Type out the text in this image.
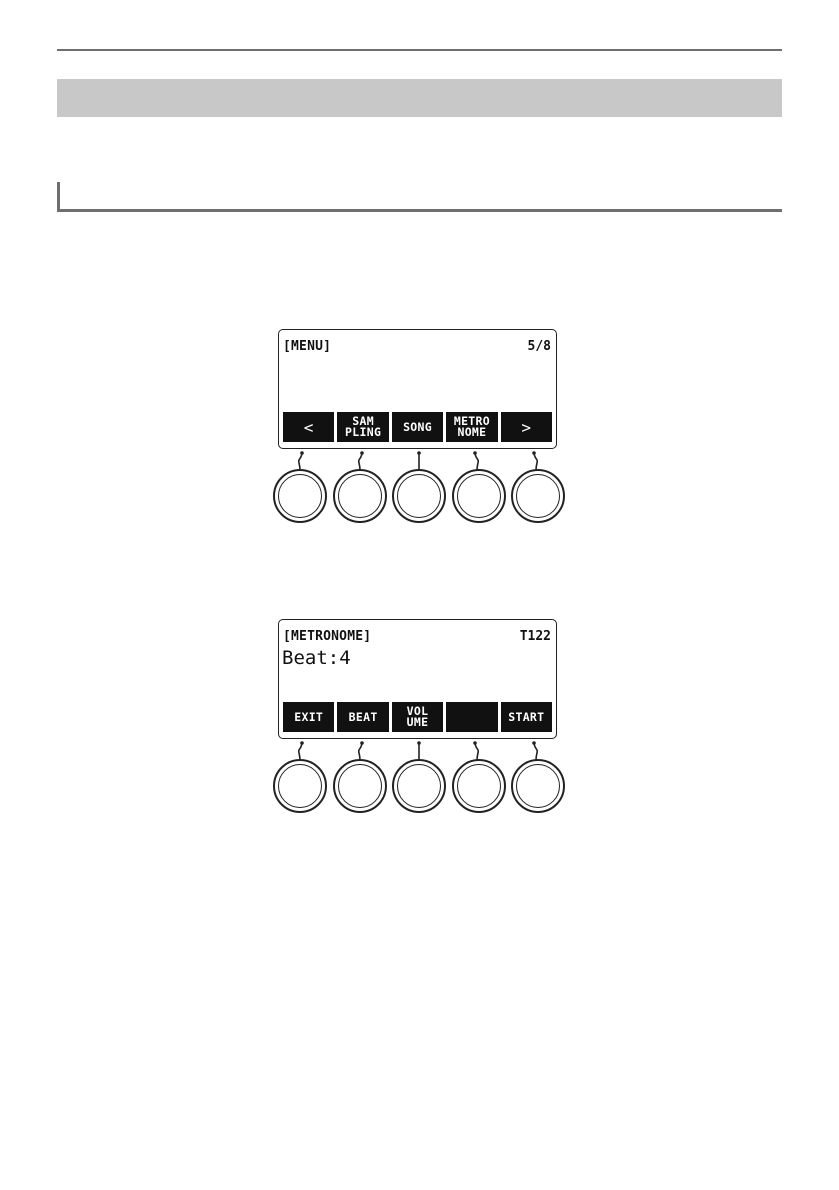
[MENU]	5/8
<	SAM
PLING	SONG	METRO
NOME	>
[METRONOME]	T122
Beat:4
EXIT	BEAT	VOL
UME	START
